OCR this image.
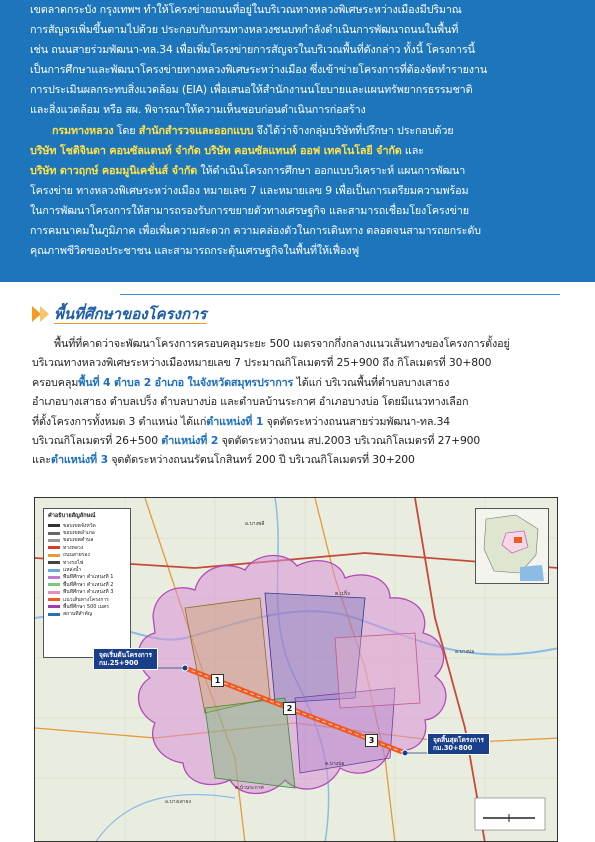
เขตลาดกระบัง กรุงเทพฯ ทำให้โครงข่ายถนนที่อยู่ในบริเวณทางหลวงพิเศษระหว่างเมืองมีปริมาณ

การสัญจรเพิ่มขึ้นตามไปด้วย ประกอบกับกรมทางหลวงชนบทกำลังดำเนินการพัฒนาถนนในพื้นที่

เช่น ถนนสายร่วมพัฒนา-ทล.34 เพื่อเพิ่มโครงข่ายการสัญจรในบริเวณพื้นที่ดังกล่าว ทั้งนี้ โครงการนี้

เป็นการศึกษาและพัฒนาโครงข่ายทางหลวงพิเศษระหว่างเมือง ซึ่งเข้าข่ายโครงการที่ต้องจัดทำรายงาน

การประเมินผลกระทบสิ่งแวดล้อม (EIA) เพื่อเสนอให้สำนักงานนโยบายและแผนทรัพยากรธรรมชาติ

และสิ่งแวดล้อม หรือ สผ. พิจารณาให้ความเห็นชอบก่อนดำเนินการก่อสร้าง

กรมทางหลวง โดย สำนักสำรวจและออกแบบ จึงได้ว่าจ้างกลุ่มบริษัทที่ปรึกษา ประกอบด้วย

บริษัท โชติจินดา คอนซัลแตนท์ จำกัด บริษัท คอนซัลแทนท์ ออฟ เทคโนโลยี จำกัด และ

บริษัท ดาวฤกษ์ คอมมูนิเคชั่นส์ จำกัด ให้ดำเนินโครงการศึกษา ออกแบบวิเคราะห์ แผนการพัฒนา

โครงข่าย ทางหลวงพิเศษระหว่างเมือง หมายเลข 7 และหมายเลข 9 เพื่อเป็นการเตรียมความพร้อม

ในการพัฒนาโครงการให้สามารถรองรับการขยายตัวทางเศรษฐกิจ และสามารถเชื่อมโยงโครงข่าย

การคมนาคมในภูมิภาค เพื่อเพิ่มความสะดวก ความคล่องตัวในการเดินทาง ตลอดจนสามารถยกระดับ

คุณภาพชีวิตของประชาชน และสามารถกระตุ้นเศรษฐกิจในพื้นที่ให้เฟื่องฟู

พื้นที่ศึกษาของโครงการ

พื้นที่ที่คาดว่าจะพัฒนาโครงการครอบคลุมระยะ 500 เมตรจากกึ่งกลางแนวเส้นทางของโครงการตั้งอยู่

บริเวณทางหลวงพิเศษระหว่างเมืองหมายเลข 7 ประมาณกิโลเมตรที่ 25+900 ถึง กิโลเมตรที่ 30+800

ครอบคลุมพื้นที่ 4 ตำบล 2 อำเภอ ในจังหวัดสมุทรปราการ ได้แก่ บริเวณพื้นที่ตำบลบางเสาธง

อำเภอบางเสาธง ตำบลเปร็ง ตำบลบางบ่อ และตำบลบ้านระกาศ อำเภอบางบ่อ โดยมีแนวทางเลือก

ที่ตั้งโครงการทั้งหมด 3 ตำแหน่ง ได้แก่ตำแหน่งที่ 1 จุดตัดระหว่างถนนสายร่วมพัฒนา-ทล.34

บริเวณกิโลเมตรที่ 26+500 ตำแหน่งที่ 2 จุดตัดระหว่างถนน สป.2003 บริเวณกิโลเมตรที่ 27+900

และตำแหน่งที่ 3 จุดตัดระหว่างถนนรัตนโกสินทร์ 200 ปี บริเวณกิโลเมตรที่ 30+200

คำอธิบายสัญลักษณ์
ขอบเขตจังหวัด
ขอบเขตอำเภอ
ขอบเขตตำบล
ทางหลวง
ถนนสายรอง
ทางรถไฟ
แหล่งน้ำ
พื้นที่ศึกษา ตำแหน่งที่ 1
พื้นที่ศึกษา ตำแหน่งที่ 2
พื้นที่ศึกษา ตำแหน่งที่ 3
แนวเส้นทางโครงการ
พื้นที่ศึกษา 500 เมตร
สถานที่สำคัญ
จุดเริ่มต้นโครงการ
กม.25+900
จุดสิ้นสุดโครงการ
กม.30+800
1
2
3
อ.บางพลี
อ.บางเสาธง
อ.บางบ่อ
ต.เปร็ง
ต.บางบ่อ
ต.บ้านระกาศ
